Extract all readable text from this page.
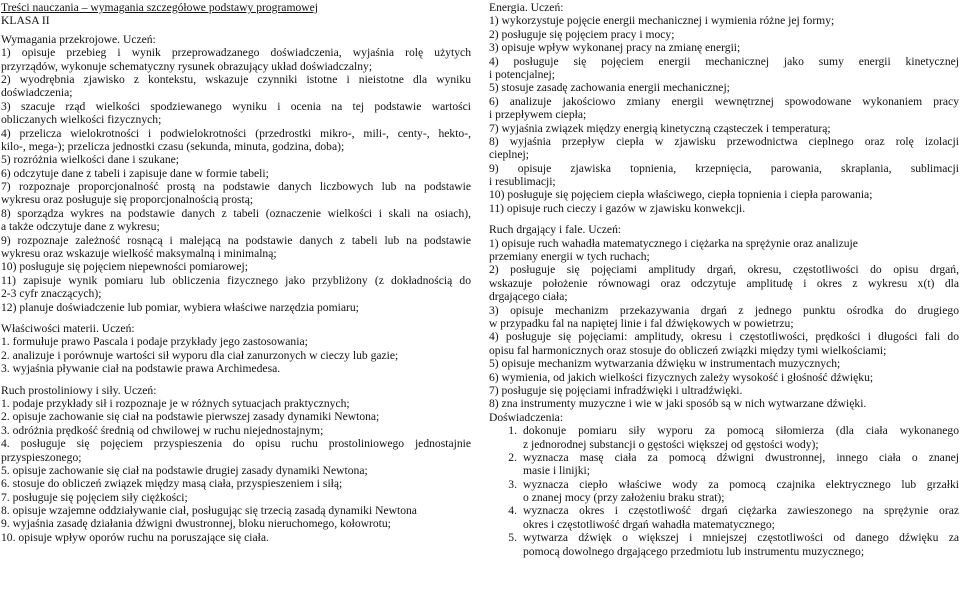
Treści nauczania – wymagania szczegółowe podstawy programowej
KLASA II
Wymagania przekrojowe. Uczeń:
1) opisuje przebieg i wynik przeprowadzanego doświadczenia, wyjaśnia rolę użytych
przyrządów, wykonuje schematyczny rysunek obrazujący układ doświadczalny;
2) wyodrębnia zjawisko z kontekstu, wskazuje czynniki istotne i nieistotne dla wyniku
doświadczenia;
3) szacuje rząd wielkości spodziewanego wyniku i ocenia na tej podstawie wartości
obliczanych wielkości fizycznych;
4) przelicza wielokrotności i podwielokrotności (przedrostki mikro-, mili-, centy-, hekto-,
kilo-, mega-); przelicza jednostki czasu (sekunda, minuta, godzina, doba);
5) rozróżnia wielkości dane i szukane;
6) odczytuje dane z tabeli i zapisuje dane w formie tabeli;
7) rozpoznaje proporcjonalność prostą na podstawie danych liczbowych lub na podstawie
wykresu oraz posługuje się proporcjonalnością prostą;
8) sporządza wykres na podstawie danych z tabeli (oznaczenie wielkości i skali na osiach),
a także odczytuje dane z wykresu;
9) rozpoznaje zależność rosnącą i malejącą na podstawie danych z tabeli lub na podstawie
wykresu oraz wskazuje wielkość maksymalną i minimalną;
10) posługuje się pojęciem niepewności pomiarowej;
11) zapisuje wynik pomiaru lub obliczenia fizycznego jako przybliżony (z dokładnością do
2-3 cyfr znaczących);
12) planuje doświadczenie lub pomiar, wybiera właściwe narzędzia pomiaru;
Właściwości materii. Uczeń:
1. formułuje prawo Pascala i podaje przykłady jego zastosowania;
2. analizuje i porównuje wartości sił wyporu dla ciał zanurzonych w cieczy lub gazie;
3. wyjaśnia pływanie ciał na podstawie prawa Archimedesa.
Ruch prostoliniowy i siły. Uczeń:
1. podaje przykłady sił i rozpoznaje je w różnych sytuacjach praktycznych;
2. opisuje zachowanie się ciał na podstawie pierwszej zasady dynamiki Newtona;
3. odróżnia prędkość średnią od chwilowej w ruchu niejednostajnym;
4. posługuje się pojęciem przyspieszenia do opisu ruchu prostoliniowego jednostajnie
przyspieszonego;
5. opisuje zachowanie się ciał na podstawie drugiej zasady dynamiki Newtona;
6. stosuje do obliczeń związek między masą ciała, przyspieszeniem i siłą;
7. posługuje się pojęciem siły ciężkości;
8. opisuje wzajemne oddziaływanie ciał, posługując się trzecią zasadą dynamiki Newtona
9. wyjaśnia zasadę działania dźwigni dwustronnej, bloku nieruchomego, kołowrotu;
10. opisuje wpływ oporów ruchu na poruszające się ciała.
Energia. Uczeń:
1) wykorzystuje pojęcie energii mechanicznej i wymienia różne jej formy;
2) posługuje się pojęciem pracy i mocy;
3) opisuje wpływ wykonanej pracy na zmianę energii;
4) posługuje się pojęciem energii mechanicznej jako sumy energii kinetycznej
i potencjalnej;
5) stosuje zasadę zachowania energii mechanicznej;
6) analizuje jakościowo zmiany energii wewnętrznej spowodowane wykonaniem pracy
i przepływem ciepła;
7) wyjaśnia związek między energią kinetyczną cząsteczek i temperaturą;
8) wyjaśnia przepływ ciepła w zjawisku przewodnictwa cieplnego oraz rolę izolacji
cieplnej;
9) opisuje zjawiska topnienia, krzepnięcia, parowania, skraplania, sublimacji
i resublimacji;
10) posługuje się pojęciem ciepła właściwego, ciepła topnienia i ciepła parowania;
11) opisuje ruch cieczy i gazów w zjawisku konwekcji.
Ruch drgający i fale. Uczeń:
1) opisuje ruch wahadła matematycznego i ciężarka na sprężynie oraz analizuje
przemiany energii w tych ruchach;
2) posługuje się pojęciami amplitudy drgań, okresu, częstotliwości do opisu drgań,
wskazuje położenie równowagi oraz odczytuje amplitudę i okres z wykresu x(t) dla
drgającego ciała;
3) opisuje mechanizm przekazywania drgań z jednego punktu ośrodka do drugiego
w przypadku fal na napiętej linie i fal dźwiękowych w powietrzu;
4) posługuje się pojęciami: amplitudy, okresu i częstotliwości, prędkości i długości fali do
opisu fal harmonicznych oraz stosuje do obliczeń związki między tymi wielkościami;
5) opisuje mechanizm wytwarzania dźwięku w instrumentach muzycznych;
6) wymienia, od jakich wielkości fizycznych zależy wysokość i głośność dźwięku;
7) posługuje się pojęciami infradźwięki i ultradźwięki.
8) zna instrumenty muzyczne i wie w jaki sposób są w nich wytwarzane dźwięki.
Doświadczenia:
1. dokonuje pomiaru siły wyporu za pomocą siłomierza (dla ciała wykonanego
z jednorodnej substancji o gęstości większej od gęstości wody);
2. wyznacza masę ciała za pomocą dźwigni dwustronnej, innego ciała o znanej
masie i linijki;
3. wyznacza ciepło właściwe wody za pomocą czajnika elektrycznego lub grzałki
o znanej mocy (przy założeniu braku strat);
4. wyznacza okres i częstotliwość drgań ciężarka zawieszonego na sprężynie oraz
okres i częstotliwość drgań wahadła matematycznego;
5. wytwarza dźwięk o większej i mniejszej częstotliwości od danego dźwięku za
pomocą dowolnego drgającego przedmiotu lub instrumentu muzycznego;
